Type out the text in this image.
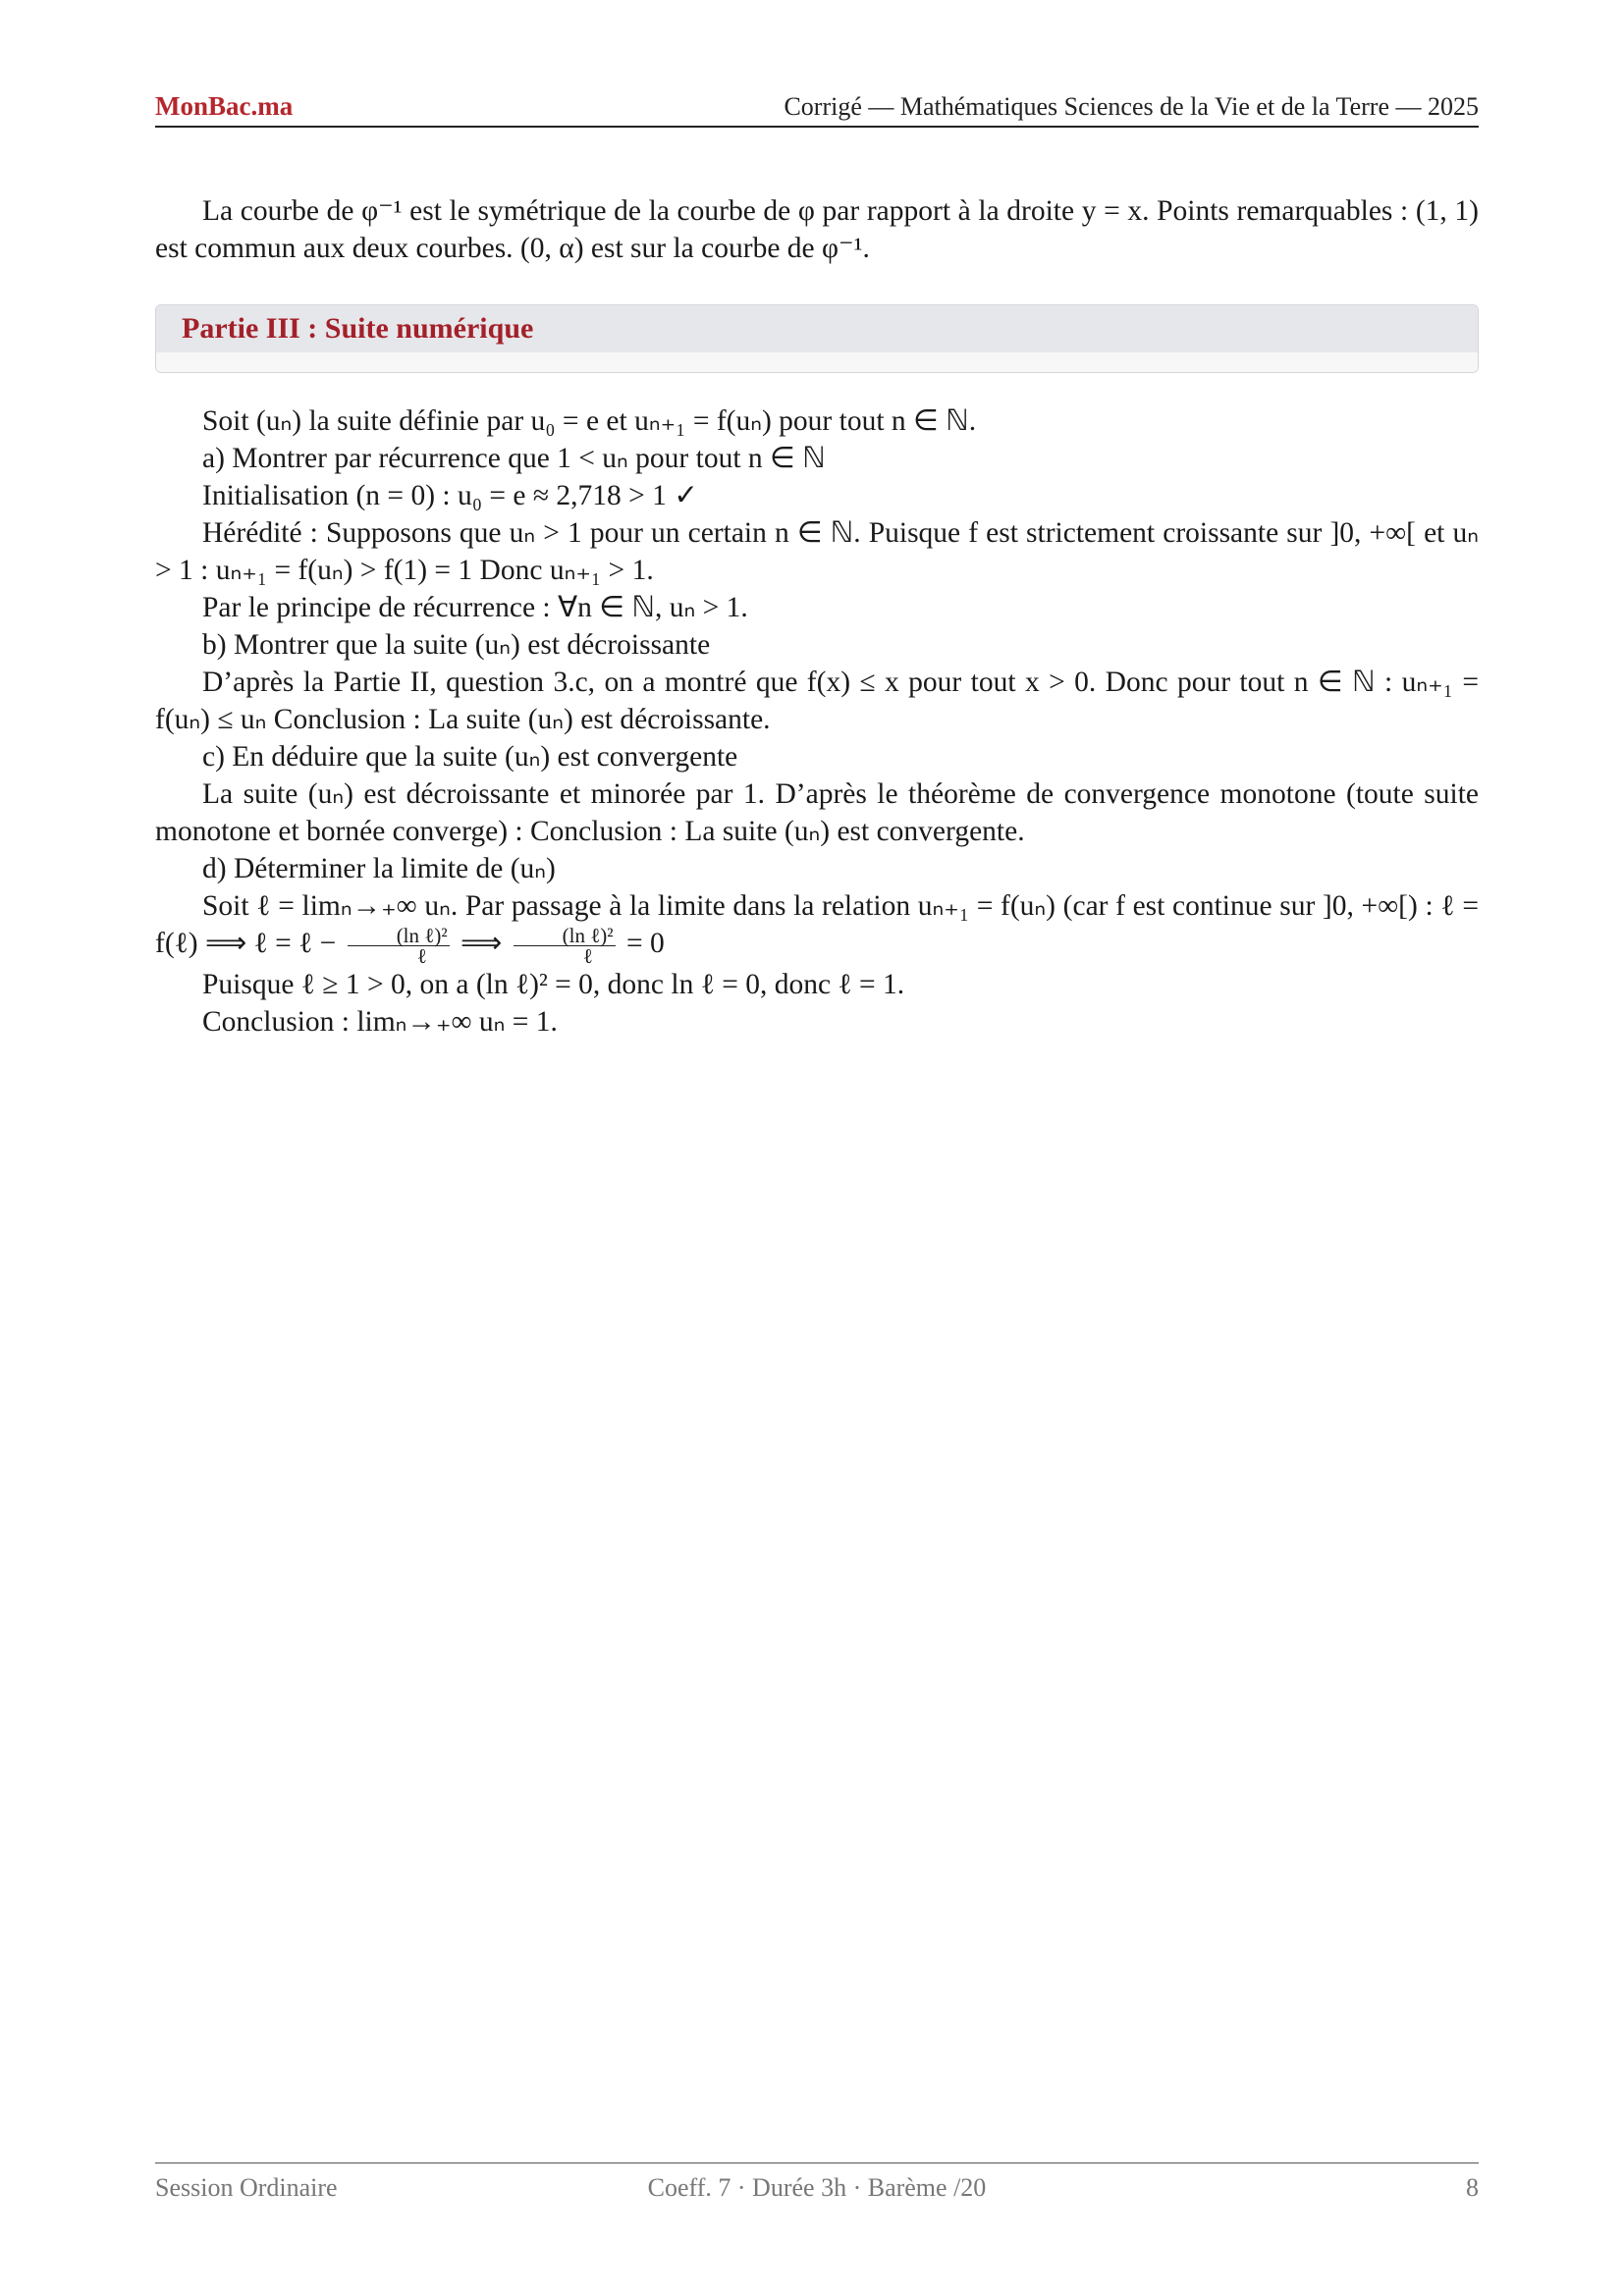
MonBac.ma	Corrigé — Mathématiques Sciences de la Vie et de la Terre — 2025

La courbe de φ⁻¹ est le symétrique de la courbe de φ par rapport à la droite y = x. Points remarquables : (1, 1) est commun aux deux courbes. (0, α) est sur la courbe de φ⁻¹.

Partie III : Suite numérique

Soit (uₙ) la suite définie par u₀ = e et uₙ₊₁ = f(uₙ) pour tout n ∈ ℕ.

a) Montrer par récurrence que 1 < uₙ pour tout n ∈ ℕ

Initialisation (n = 0) : u₀ = e ≈ 2,718 > 1 ✓

Hérédité : Supposons que uₙ > 1 pour un certain n ∈ ℕ. Puisque f est strictement croissante sur ]0, +∞[ et uₙ > 1 : uₙ₊₁ = f(uₙ) > f(1) = 1 Donc uₙ₊₁ > 1.

Par le principe de récurrence : ∀n ∈ ℕ, uₙ > 1.

b) Montrer que la suite (uₙ) est décroissante

D’après la Partie II, question 3.c, on a montré que f(x) ≤ x pour tout x > 0. Donc pour tout n ∈ ℕ : uₙ₊₁ = f(uₙ) ≤ uₙ Conclusion : La suite (uₙ) est décroissante.

c) En déduire que la suite (uₙ) est convergente

La suite (uₙ) est décroissante et minorée par 1. D’après le théorème de convergence monotone (toute suite monotone et bornée converge) : Conclusion : La suite (uₙ) est convergente.

d) Déterminer la limite de (uₙ)

Soit ℓ = limₙ→₊∞ uₙ. Par passage à la limite dans la relation uₙ₊₁ = f(uₙ) (car f est continue sur ]0, +∞[) : ℓ = f(ℓ) ⟹ ℓ = ℓ − $\frac{\text{(ln ℓ)²}}{\text{ℓ}}$ ⟹ $\frac{\text{(ln ℓ)²}}{\text{ℓ}} = 0$

Puisque ℓ ≥ 1 > 0, on a (ln ℓ)² = 0, donc ln ℓ = 0, donc ℓ = 1.

Conclusion : limₙ→₊∞ uₙ = 1.

Session Ordinaire	Coeff. 7 · Durée 3h · Barème /20	8
